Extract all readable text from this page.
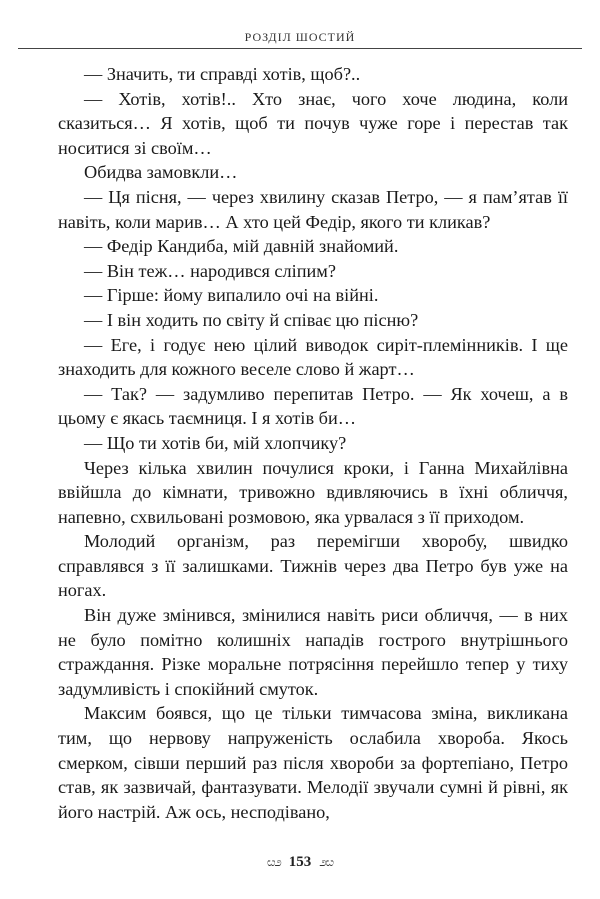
РОЗДІЛ ШОСТИЙ

— Значить, ти справді хотів, щоб?..

— Хотів, хотів!.. Хто знає, чого хоче людина, коли сказиться… Я хотів, щоб ти почув чуже горе і перестав так носитися зі своїм…

Обидва замовкли…

— Ця пісня, — через хвилину сказав Петро, — я пам’ятав її навіть, коли марив… А хто цей Федір, якого ти кликав?

— Федір Кандиба, мій давній знайомий.

— Він теж… народився сліпим?

— Гірше: йому випалило очі на війні.

— І він ходить по світу й співає цю пісню?

— Еге, і годує нею цілий виводок сиріт-племінників. І ще знаходить для кожного веселе слово й жарт…

— Так? — задумливо перепитав Петро. — Як хочеш, а в цьому є якась таємниця. І я хотів би…

— Що ти хотів би, мій хлопчику?

Через кілька хвилин почулися кроки, і Ганна Михайлівна ввійшла до кімнати, тривожно вдивляючись в їхні обличчя, напевно, схвильовані розмовою, яка урвалася з її приходом.

Молодий організм, раз перемігши хворобу, швидко справлявся з її залишками. Тижнів через два Петро був уже на ногах.

Він дуже змінився, змінилися навіть риси обличчя, — в них не було помітно колишніх нападів гострого внутрішнього страждання. Різке моральне потрясіння перейшло тепер у тиху задумливість і спокійний смуток.

Максим боявся, що це тільки тимчасова зміна, викликана тим, що нервову напруженість ослабила хвороба. Якось смерком, сівши перший раз після хвороби за фортепіано, Петро став, як зазвичай, фантазувати. Мелодії звучали сумні й рівні, як його настрій. Аж ось, несподівано,

ೞ೨ 153 ೨ೞ
